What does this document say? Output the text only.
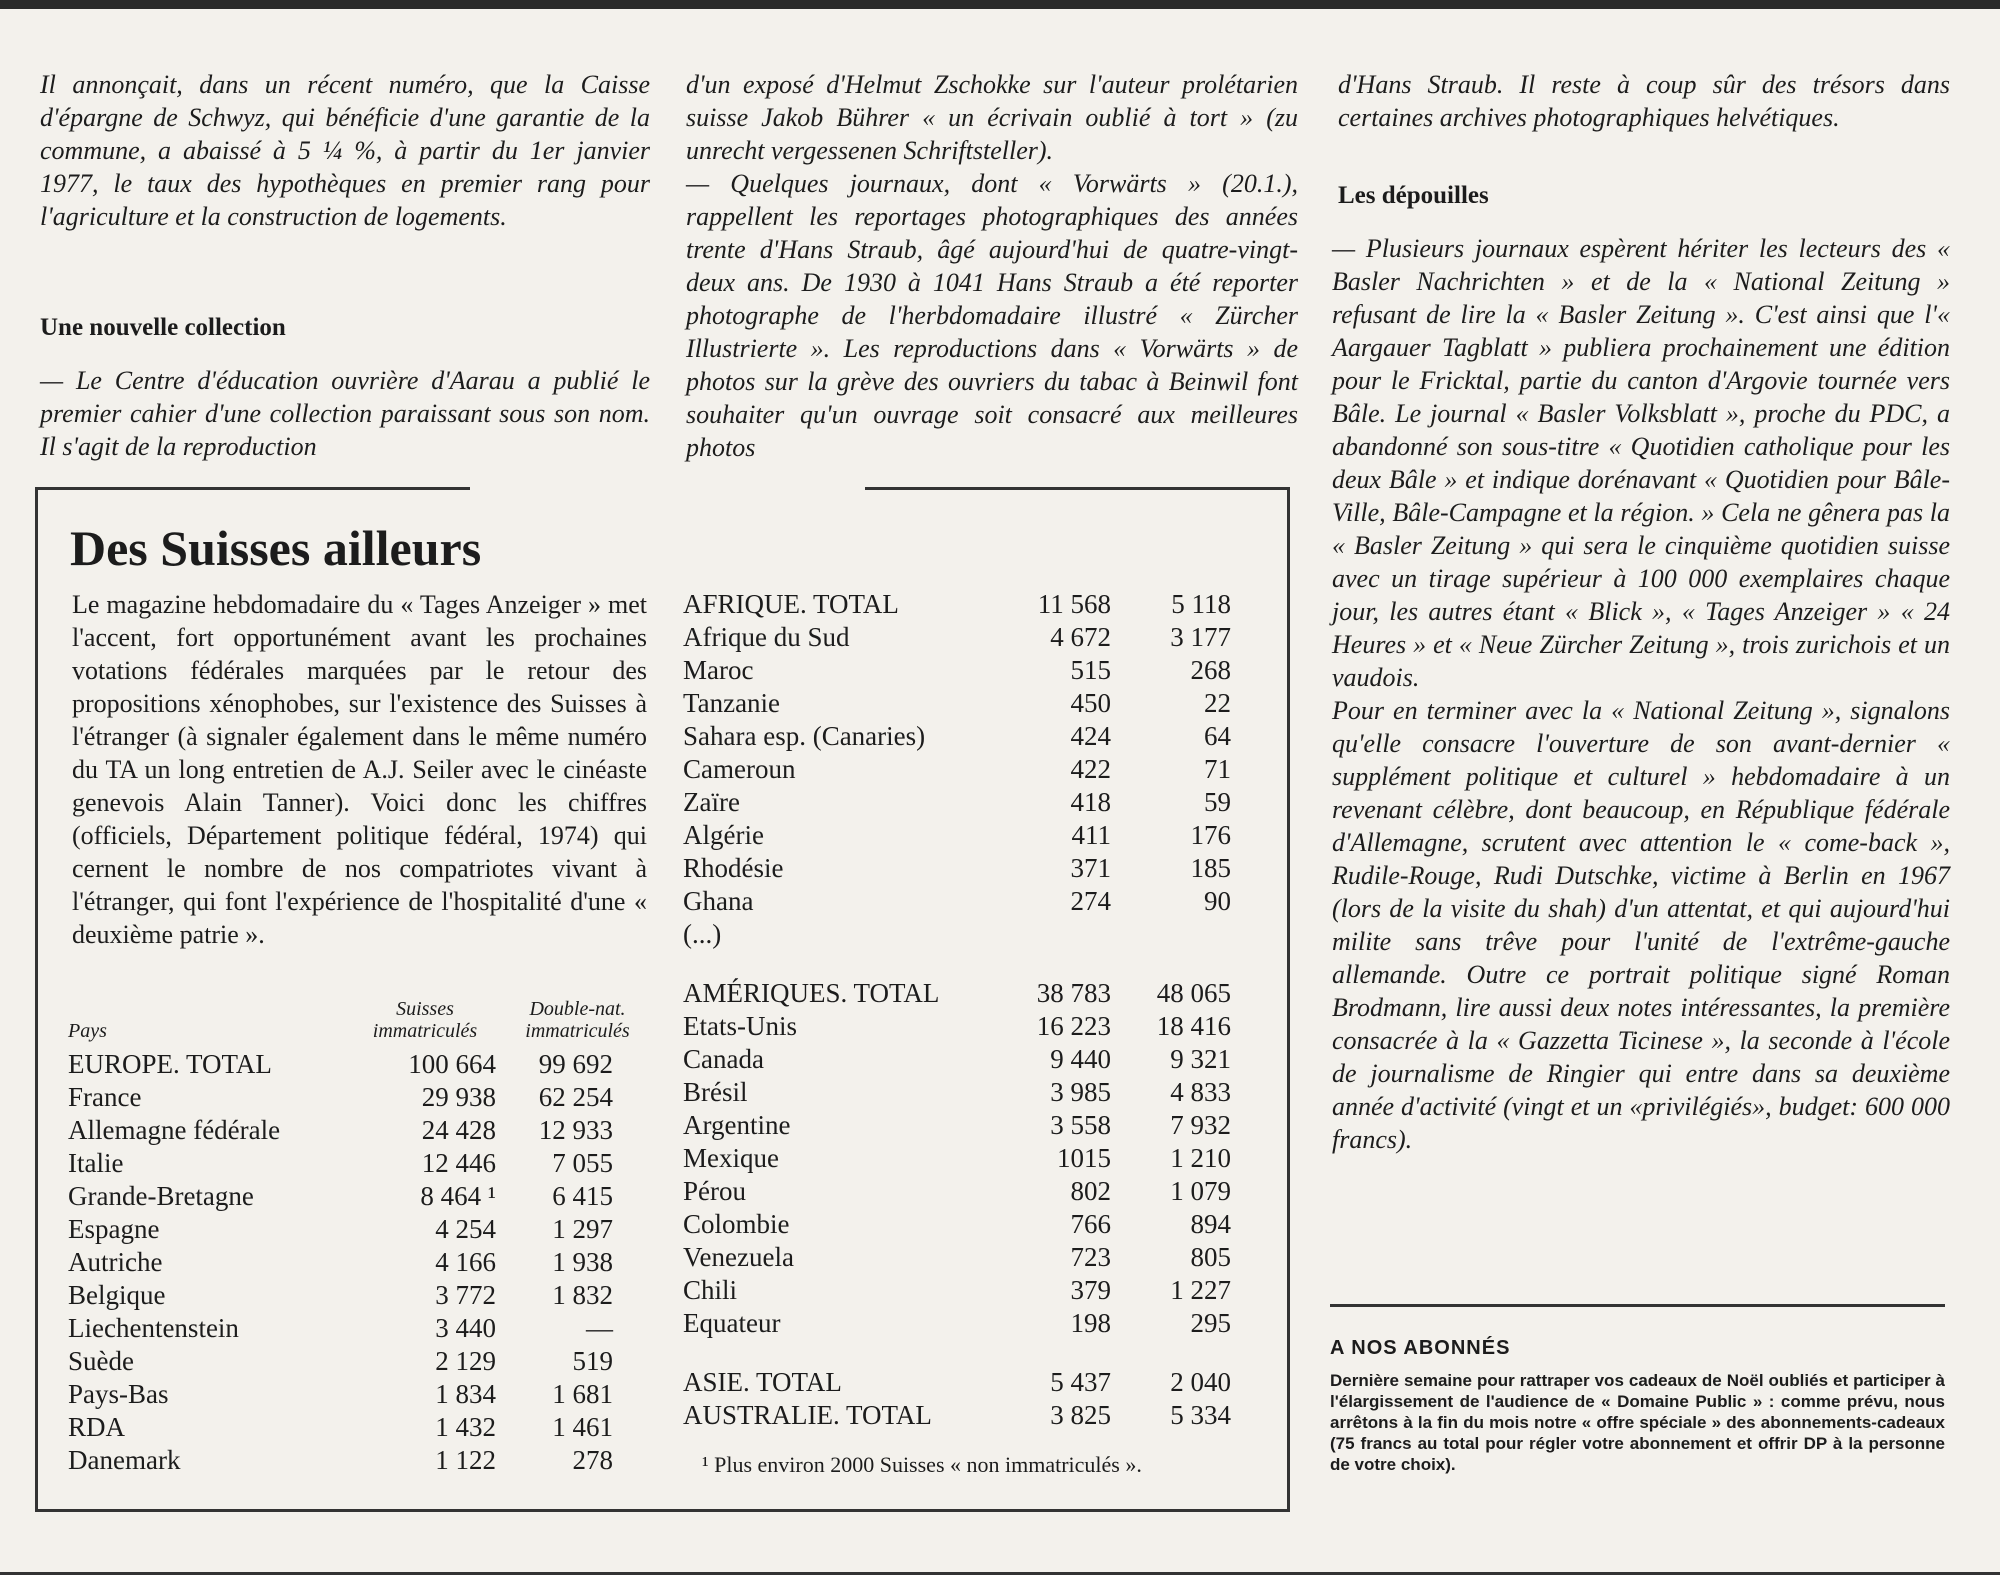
Il annonçait, dans un récent numéro, que la Caisse d'épargne de Schwyz, qui bénéficie d'une garantie de la commune, a abaissé à 5 ¼ %, à partir du 1er janvier 1977, le taux des hypothèques en premier rang pour l'agriculture et la construction de logements.

Une nouvelle collection

— Le Centre d'éducation ouvrière d'Aarau a publié le premier cahier d'une collection paraissant sous son nom. Il s'agit de la reproduction

d'un exposé d'Helmut Zschokke sur l'auteur prolétarien suisse Jakob Bührer « un écrivain oublié à tort » (zu unrecht vergessenen Schriftsteller).

— Quelques journaux, dont « Vorwärts » (20.1.), rappellent les reportages photographiques des années trente d'Hans Straub, âgé aujourd'hui de quatre-vingt-deux ans. De 1930 à 1041 Hans Straub a été reporter photographe de l'herbdomadaire illustré « Zürcher Illustrierte ». Les reproductions dans « Vorwärts » de photos sur la grève des ouvriers du tabac à Beinwil font souhaiter qu'un ouvrage soit consacré aux meilleures photos

d'Hans Straub. Il reste à coup sûr des trésors dans certaines archives photographiques helvétiques.

Les dépouilles

— Plusieurs journaux espèrent hériter les lecteurs des « Basler Nachrichten » et de la « National Zeitung » refusant de lire la « Basler Zeitung ». C'est ainsi que l'« Aargauer Tagblatt » publiera prochainement une édition pour le Fricktal, partie du canton d'Argovie tournée vers Bâle. Le journal « Basler Volksblatt », proche du PDC, a abandonné son sous-titre « Quotidien catholique pour les deux Bâle » et indique dorénavant « Quotidien pour Bâle-Ville, Bâle-Campagne et la région. » Cela ne gênera pas la « Basler Zeitung » qui sera le cinquième quotidien suisse avec un tirage supérieur à 100 000 exemplaires chaque jour, les autres étant « Blick », « Tages Anzeiger » « 24 Heures » et « Neue Zürcher Zeitung », trois zurichois et un vaudois.

Pour en terminer avec la « National Zeitung », signalons qu'elle consacre l'ouverture de son avant-dernier « supplément politique et culturel » hebdomadaire à un revenant célèbre, dont beaucoup, en République fédérale d'Allemagne, scrutent avec attention le « come-back », Rudile-Rouge, Rudi Dutschke, victime à Berlin en 1967 (lors de la visite du shah) d'un attentat, et qui aujourd'hui milite sans trêve pour l'unité de l'extrême-gauche allemande. Outre ce portrait politique signé Roman Brodmann, lire aussi deux notes intéressantes, la première consacrée à la « Gazzetta Ticinese », la seconde à l'école de journalisme de Ringier qui entre dans sa deuxième année d'activité (vingt et un «privilégiés», budget: 600 000 francs).

Des Suisses ailleurs

Le magazine hebdomadaire du « Tages Anzeiger » met l'accent, fort opportunément avant les prochaines votations fédérales marquées par le retour des propositions xénophobes, sur l'existence des Suisses à l'étranger (à signaler également dans le même numéro du TA un long entretien de A.J. Seiler avec le cinéaste genevois Alain Tanner). Voici donc les chiffres (officiels, Département politique fédéral, 1974) qui cernent le nombre de nos compatriotes vivant à l'étranger, qui font l'expérience de l'hospitalité d'une « deuxième patrie ».

Pays
Suisses
immatriculés
Double-nat.
immatriculés
EUROPE. TOTAL	100 664	99 692
France	29 938	62 254
Allemagne fédérale	24 428	12 933
Italie	12 446	7 055
Grande-Bretagne	8 464 ¹	6 415
Espagne	4 254	1 297
Autriche	4 166	1 938
Belgique	3 772	1 832
Liechentenstein	3 440	—
Suède	2 129	519
Pays-Bas	1 834	1 681
RDA	1 432	1 461
Danemark	1 122	278
AFRIQUE. TOTAL	11 568	5 118
Afrique du Sud	4 672	3 177
Maroc	515	268
Tanzanie	450	22
Sahara esp. (Canaries)	424	64
Cameroun	422	71
Zaïre	418	59
Algérie	411	176
Rhodésie	371	185
Ghana	274	90
(...)		

AMÉRIQUES. TOTAL	38 783	48 065
Etats-Unis	16 223	18 416
Canada	9 440	9 321
Brésil	3 985	4 833
Argentine	3 558	7 932
Mexique	1015	1 210
Pérou	802	1 079
Colombie	766	894
Venezuela	723	805
Chili	379	1 227
Equateur	198	295

ASIE. TOTAL	5 437	2 040
AUSTRALIE. TOTAL	3 825	5 334
¹ Plus environ 2000 Suisses « non immatriculés ».
A NOS ABONNÉS

Dernière semaine pour rattraper vos cadeaux de Noël oubliés et participer à l'élargissement de l'audience de « Domaine Public » : comme prévu, nous arrêtons à la fin du mois notre « offre spéciale » des abonnements-cadeaux (75 francs au total pour régler votre abonnement et offrir DP à la personne de votre choix).
